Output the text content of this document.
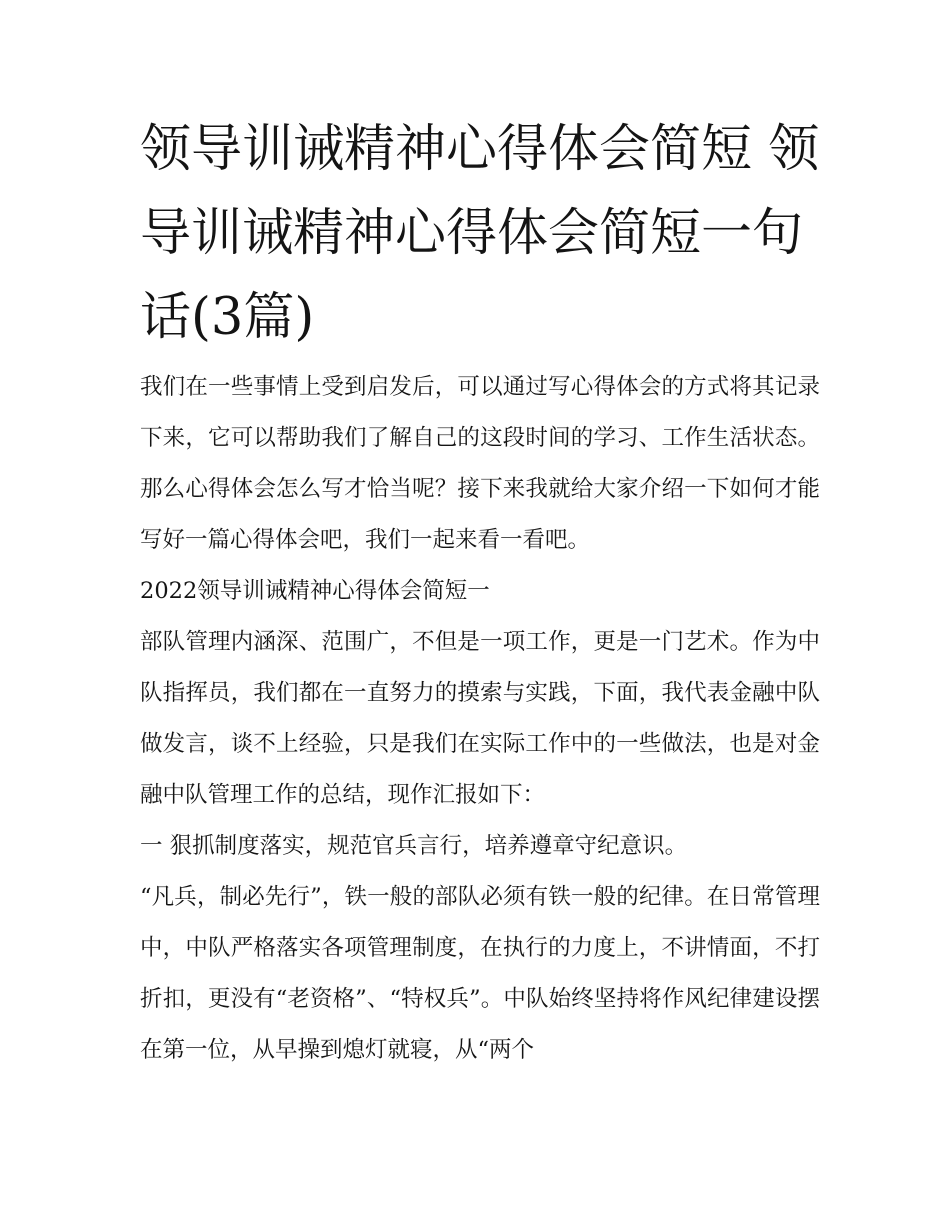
领导训诫精神心得体会简短 领
导训诫精神心得体会简短一句
话(3篇)

我们在一些事情上受到启发后，可以通过写心得体会的方式将其记录下来，它可以帮助我们了解自己的这段时间的学习、工作生活状态。那么心得体会怎么写才恰当呢？接下来我就给大家介绍一下如何才能写好一篇心得体会吧，我们一起来看一看吧。

2022领导训诫精神心得体会简短一

部队管理内涵深、范围广，不但是一项工作，更是一门艺术。作为中队指挥员，我们都在一直努力的摸索与实践，下面，我代表金融中队做发言，谈不上经验，只是我们在实际工作中的一些做法，也是对金融中队管理工作的总结，现作汇报如下：

一 狠抓制度落实，规范官兵言行，培养遵章守纪意识。

“凡兵，制必先行”，铁一般的部队必须有铁一般的纪律。在日常管理中，中队严格落实各项管理制度，在执行的力度上，不讲情面，不打折扣，更没有“老资格”、“特权兵”。中队始终坚持将作风纪律建设摆在第一位，从早操到熄灯就寝，从“两个
